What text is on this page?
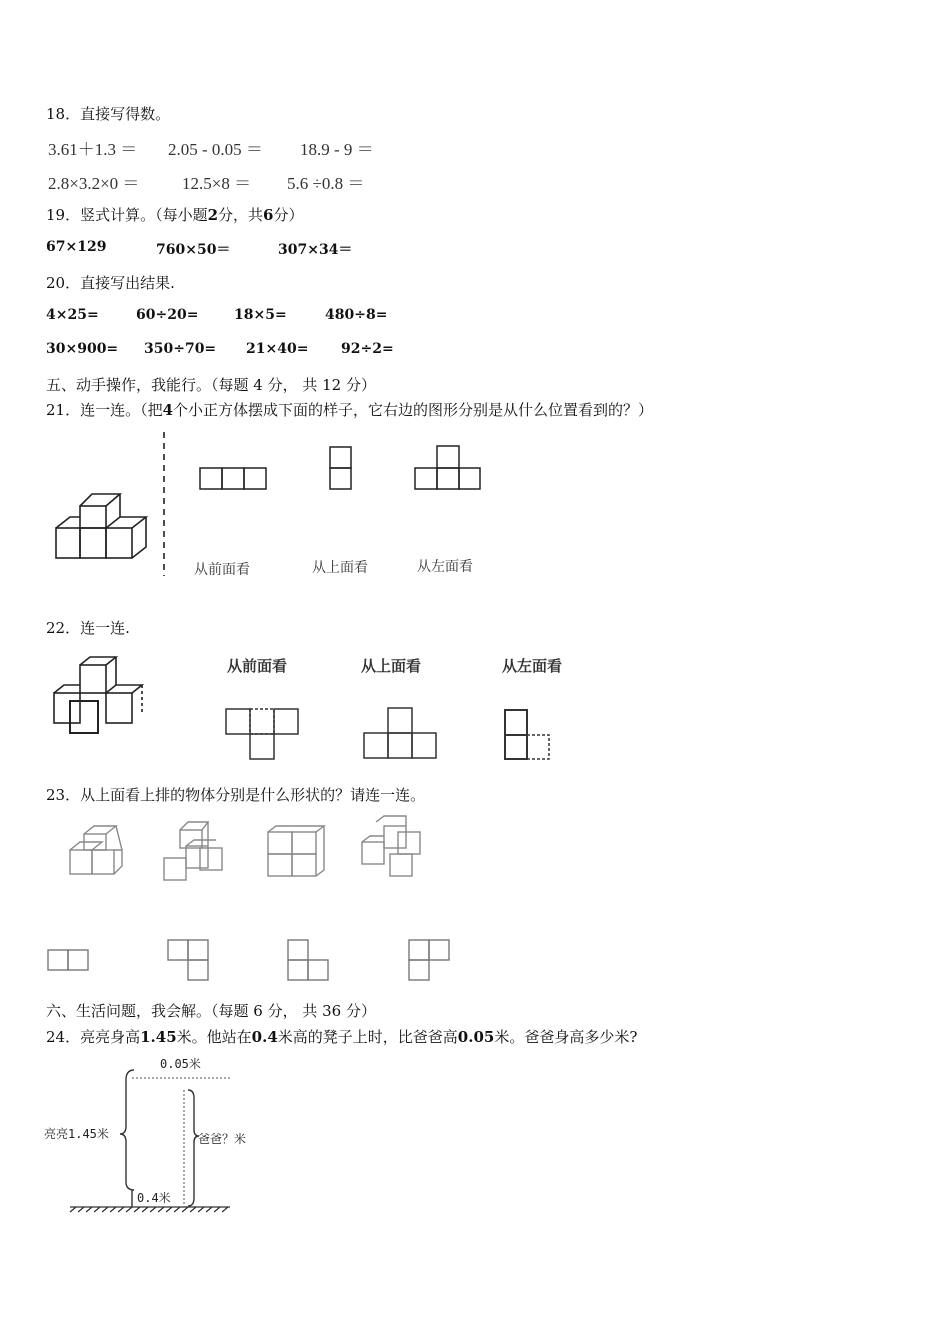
18．直接写得数。
3.61＋1.3 ＝ 2.05 - 0.05 ＝ 18.9 - 9 ＝
2.8×3.2×0 ＝	12.5×8 ＝ 5.6 ÷0.8 ＝
19．竖式计算。（每小题2分，共6分）
67×129	760×50＝	307×34＝
20．直接写出结果.
4×25=	60÷20=	18×5=	480÷8=
30×900= 350÷70= 21×40= 92÷2=
五、动手操作，我能行。（每题 4 分， 共 12 分）
21．连一连。（把4个小正方体摆成下面的样子，它右边的图形分别是从什么位置看到的？）
从前面看	从上面看	从左面看
22．连一连.
从前面看	从上面看	从左面看
23．从上面看上排的物体分别是什么形状的？请连一连。
六、生活问题，我会解。（每题 6 分， 共 36 分）
24．亮亮身高1.45米。他站在0.4米高的凳子上时，比爸爸高0.05米。爸爸身高多少米?
0.05米
亮亮1.45米	爸爸？米
0.4米
